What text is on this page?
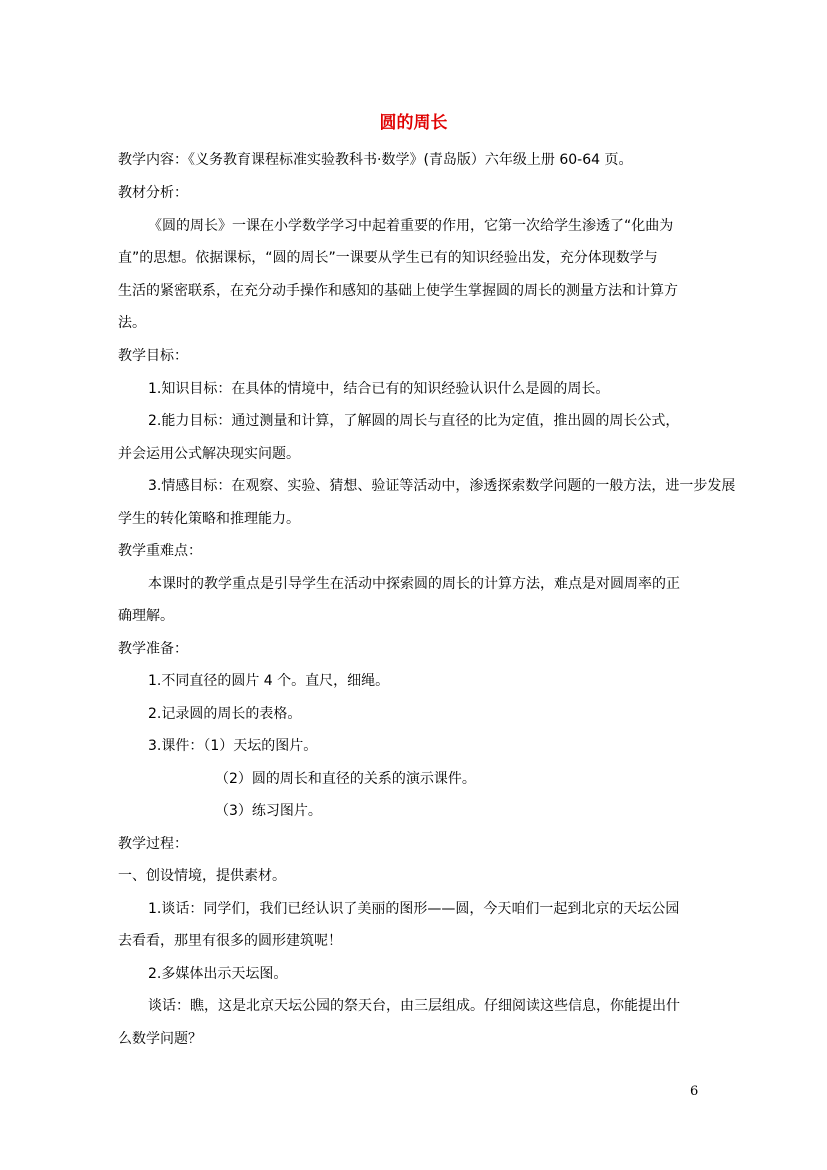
圆的周长
教学内容：《义务教育课程标准实验教科书·数学》(青岛版）六年级上册 60-64 页。
教材分析：
《圆的周长》一课在小学数学学习中起着重要的作用，它第一次给学生渗透了“化曲为
直”的思想。依据课标，“圆的周长”一课要从学生已有的知识经验出发，充分体现数学与
生活的紧密联系，在充分动手操作和感知的基础上使学生掌握圆的周长的测量方法和计算方
法。
教学目标：
1.知识目标：在具体的情境中，结合已有的知识经验认识什么是圆的周长。
2.能力目标：通过测量和计算，了解圆的周长与直径的比为定值，推出圆的周长公式，
并会运用公式解决现实问题。
3.情感目标：在观察、实验、猜想、验证等活动中，渗透探索数学问题的一般方法，进一步发展
学生的转化策略和推理能力。
教学重难点：
本课时的教学重点是引导学生在活动中探索圆的周长的计算方法，难点是对圆周率的正
确理解。
教学准备：
1.不同直径的圆片 4 个。直尺，细绳。
2.记录圆的周长的表格。
3.课件：（1）天坛的图片。
（2）圆的周长和直径的关系的演示课件。
（3）练习图片。
教学过程：
一、创设情境，提供素材。
1.谈话：同学们，我们已经认识了美丽的图形——圆，今天咱们一起到北京的天坛公园
去看看，那里有很多的圆形建筑呢！
2.多媒体出示天坛图。
谈话：瞧，这是北京天坛公园的祭天台，由三层组成。仔细阅读这些信息，你能提出什
么数学问题？
6
